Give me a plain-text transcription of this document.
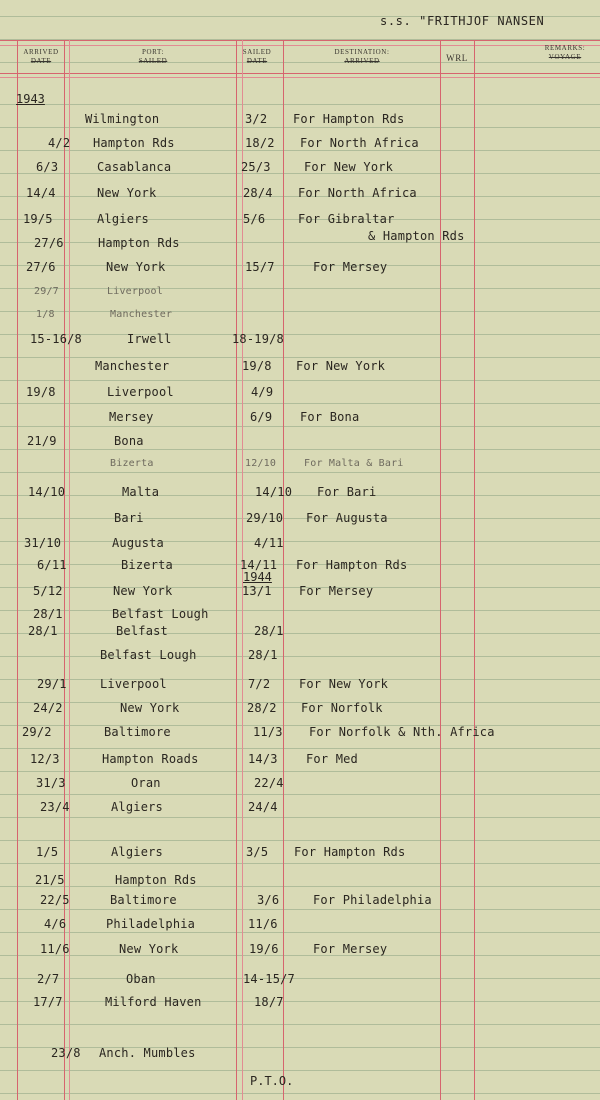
s.s. "FRITHJOF NANSEN
ARRIVED
DATE
PORT:
SAILED
SAILED
DATE
DESTINATION:
ARRIVED	WRL
REMARKS:
VOYAGE
1943
1944
Wilmington	3/2 For Hampton Rds
4/2 Hampton Rds	18/2 For North Africa
6/3	Casablanca	25/3	For New York
14/4	New York	28/4 For North Africa
19/5	Algiers	5/6	For Gibraltar
& Hampton Rds
27/6	Hampton Rds
27/6	New York	15/7	For Mersey
29/7	Liverpool
1/8	Manchester
15-16/8	Irwell	18-19/8
Manchester	19/8 For New York
19/8	Liverpool	4/9
Mersey	6/9 For Bona
21/9	Bona
Bizerta	12/10	For Malta & Bari
14/10	Malta	14/10 For Bari
Bari	29/10 For Augusta
31/10	Augusta	4/11
6/11	Bizerta	14/11 For Hampton Rds
5/12	New York	13/1 For Mersey
28/1	Belfast Lough
28/1	Belfast	28/1
Belfast Lough	28/1
29/1	Liverpool	7/2 For New York
24/2	New York	28/2 For Norfolk
29/2	Baltimore	11/3 For Norfolk & Nth. Africa
12/3	Hampton Roads	14/3 For Med
31/3	Oran	22/4
23/4	Algiers	24/4
1/5	Algiers	3/5 For Hampton Rds
21/5	Hampton Rds
22/5	Baltimore	3/6	For Philadelphia
4/6	Philadelphia	11/6
11/6	New York	19/6	For Mersey
2/7	Oban	14-15/7
17/7	Milford Haven	18/7
23/8 Anch. Mumbles
P.T.O.
